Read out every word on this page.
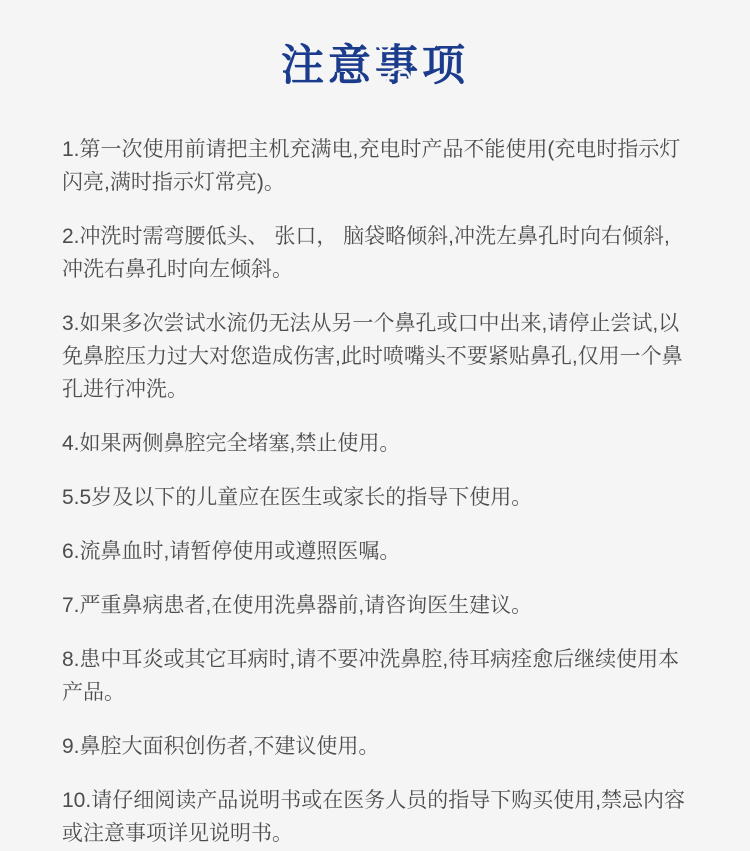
注意事项

1.第一次使用前请把主机充满电,充电时产品不能使用(充电时指示灯闪亮,满时指示灯常亮)。

2.冲洗时需弯腰低头、 张口， 脑袋略倾斜,冲洗左鼻孔时向右倾斜,冲洗右鼻孔时向左倾斜。

3.如果多次尝试水流仍无法从另一个鼻孔或口中出来,请停止尝试,以免鼻腔压力过大对您造成伤害,此时喷嘴头不要紧贴鼻孔,仅用一个鼻孔进行冲洗。

4.如果两侧鼻腔完全堵塞,禁止使用。

5.5岁及以下的儿童应在医生或家长的指导下使用。

6.流鼻血时,请暂停使用或遵照医嘱。

7.严重鼻病患者,在使用洗鼻器前,请咨询医生建议。

8.患中耳炎或其它耳病时,请不要冲洗鼻腔,待耳病痊愈后继续使用本产品。

9.鼻腔大面积创伤者,不建议使用。

10.请仔细阅读产品说明书或在医务人员的指导下购买使用,禁忌内容或注意事项详见说明书。
